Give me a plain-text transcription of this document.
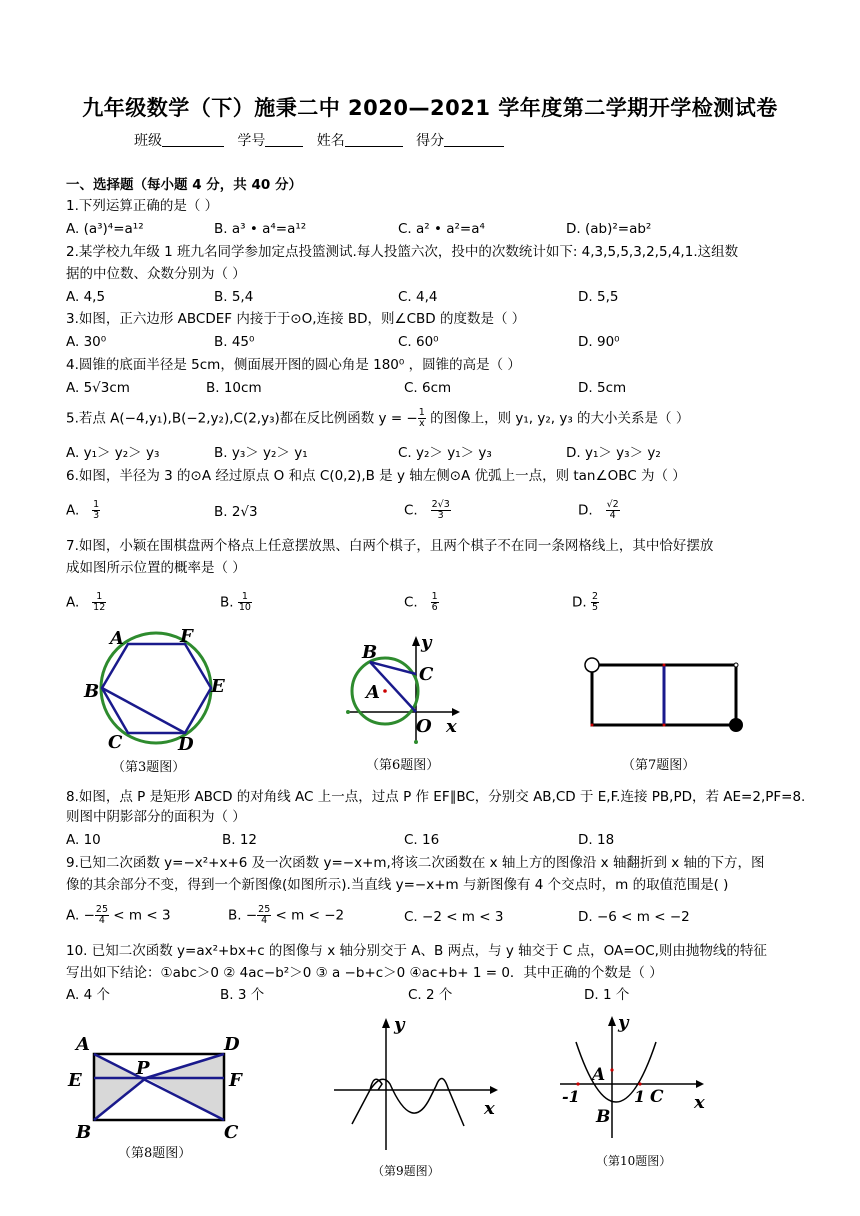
九年级数学（下）施秉二中 2020—2021 学年度第二学期开学检测试卷
班级	学号	姓名	得分
一、选择题（每小题 4 分，共 40 分）
1.下列运算正确的是（ ）
A. (a³)⁴=a¹²	B. a³ • a⁴=a¹²	C. a² • a²=a⁴	D. (ab)²=ab²
2.某学校九年级 1 班九名同学参加定点投篮测试.每人投篮六次，投中的次数统计如下: 4,3,5,5,3,2,5,4,1.这组数
据的中位数、众数分别为（ ）
A. 4,5	B. 5,4	C. 4,4	D. 5,5
3.如图，正六边形 ABCDEF 内接于于⊙O,连接 BD，则∠CBD 的度数是（ ）
A. 30⁰	B. 45⁰	C. 60⁰	D. 90⁰
4.圆锥的底面半径是 5cm，侧面展开图的圆心角是 180⁰ ，圆锥的高是（ ）
A. 5√3cm	B. 10cm	C. 6cm	D. 5cm
5.若点 A(−4,y₁),B(−2,y₂),C(2,y₃)都在反比例函数 y = − $\frac{1}{x}$ 的图像上，则 y₁, y₂, y₃ 的大小关系是（ ）
A. y₁＞ y₂＞ y₃	B. y₃＞ y₂＞ y₁	C. y₂＞ y₁＞ y₃	D. y₁＞ y₃＞ y₂
6.如图，半径为 3 的⊙A 经过原点 O 和点 C(0,2),B 是 y 轴左侧⊙A 优弧上一点，则 tan∠OBC 为（ ）
A. $\frac{1}{3}$	B. 2√3	C. $\frac{2√3}{3}$	D. $\frac{√2}{4}$
7.如图，小颖在围棋盘两个格点上任意摆放黑、白两个棋子，且两个棋子不在同一条网格线上，其中恰好摆放
成如图所示位置的概率是（ ）
A. $\frac{1}{12}$	B. $\frac{1}{10}$	C. $\frac{1}{6}$	D. $\frac{2}{5}$
A	F
B	E
C	D
（第3题图）
B y
C
A
O x
（第6题图）	（第7题图）
8.如图，点 P 是矩形 ABCD 的对角线 AC 上一点，过点 P 作 EF∥BC，分别交 AB,CD 于 E,F.连接 PB,PD，若 AE=2,PF=8.
则图中阴影部分的面积为（ ）
A. 10	B. 12	C. 16	D. 18
9.已知二次函数 y=−x²+x+6 及一次函数 y=−x+m,将该二次函数在 x 轴上方的图像沿 x 轴翻折到 x 轴的下方，图
像的其余部分不变，得到一个新图像(如图所示).当直线 y=−x+m 与新图像有 4 个交点时，m 的取值范围是( )
A. − $\frac{25}{4} < m < 3$	B. − $\frac{25}{4} < m < -2$	C. −2 < m < 3	D. −6 < m < −2
10. 已知二次函数 y=ax²+bx+c 的图像与 x 轴分别交于 A、B 两点，与 y 轴交于 C 点，OA=OC,则由抛物线的特征
写出如下结论：①abc＞0 ② 4ac−b²＞0 ③ a −b+c＞0 ④ac+b+ 1 = 0．其中正确的个数是（ ）
A. 4 个	B. 3 个	C. 2 个	D. 1 个
A	D
E
P
F
B	C
（第8题图）
y
x
（第9题图）
y
A
-1
B
1 C x
（第10题图）
